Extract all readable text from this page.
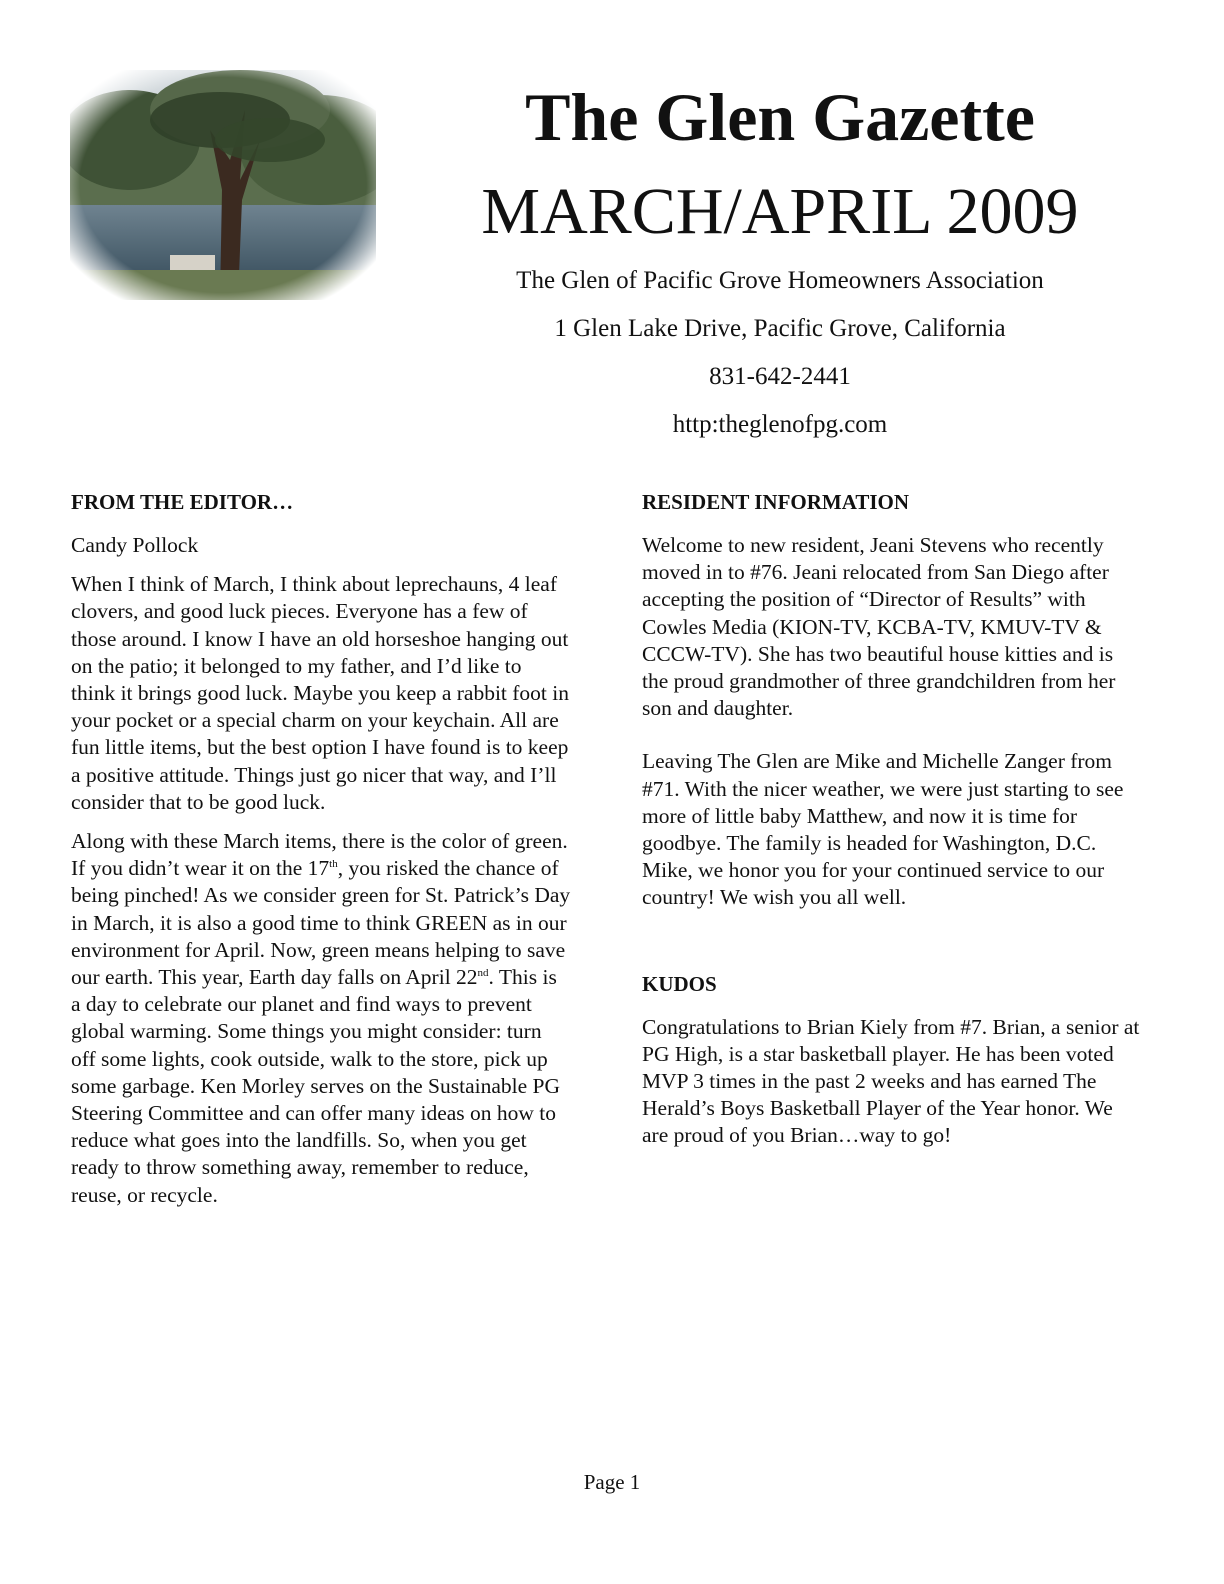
The Glen Gazette
MARCH/APRIL 2009
The Glen of Pacific Grove Homeowners Association
1 Glen Lake Drive, Pacific Grove, California
831-642-2441
http:theglenofpg.com
FROM THE EDITOR…

Candy Pollock

When I think of March, I think about leprechauns, 4 leaf clovers, and good luck pieces. Everyone has a few of those around. I know I have an old horseshoe hanging out on the patio; it belonged to my father, and I’d like to think it brings good luck. Maybe you keep a rabbit foot in your pocket or a special charm on your keychain. All are fun little items, but the best option I have found is to keep a positive attitude. Things just go nicer that way, and I’ll consider that to be good luck.

Along with these March items, there is the color of green. If you didn’t wear it on the 17th, you risked the chance of being pinched! As we consider green for St. Patrick’s Day in March, it is also a good time to think GREEN as in our environment for April. Now, green means helping to save our earth. This year, Earth day falls on April 22nd. This is a day to celebrate our planet and find ways to prevent global warming. Some things you might consider: turn off some lights, cook outside, walk to the store, pick up some garbage. Ken Morley serves on the Sustainable PG Steering Committee and can offer many ideas on how to reduce what goes into the landfills. So, when you get ready to throw something away, remember to reduce, reuse, or recycle.

RESIDENT INFORMATION

Welcome to new resident, Jeani Stevens who recently moved in to #76. Jeani relocated from San Diego after accepting the position of “Director of Results” with Cowles Media (KION-TV, KCBA-TV, KMUV-TV & CCCW-TV). She has two beautiful house kitties and is the proud grandmother of three grandchildren from her son and daughter.

Leaving The Glen are Mike and Michelle Zanger from #71. With the nicer weather, we were just starting to see more of little baby Matthew, and now it is time for goodbye. The family is headed for Washington, D.C. Mike, we honor you for your continued service to our country! We wish you all well.

KUDOS

Congratulations to Brian Kiely from #7. Brian, a senior at PG High, is a star basketball player. He has been voted MVP 3 times in the past 2 weeks and has earned The Herald’s Boys Basketball Player of the Year honor. We are proud of you Brian…way to go!

Page 1
